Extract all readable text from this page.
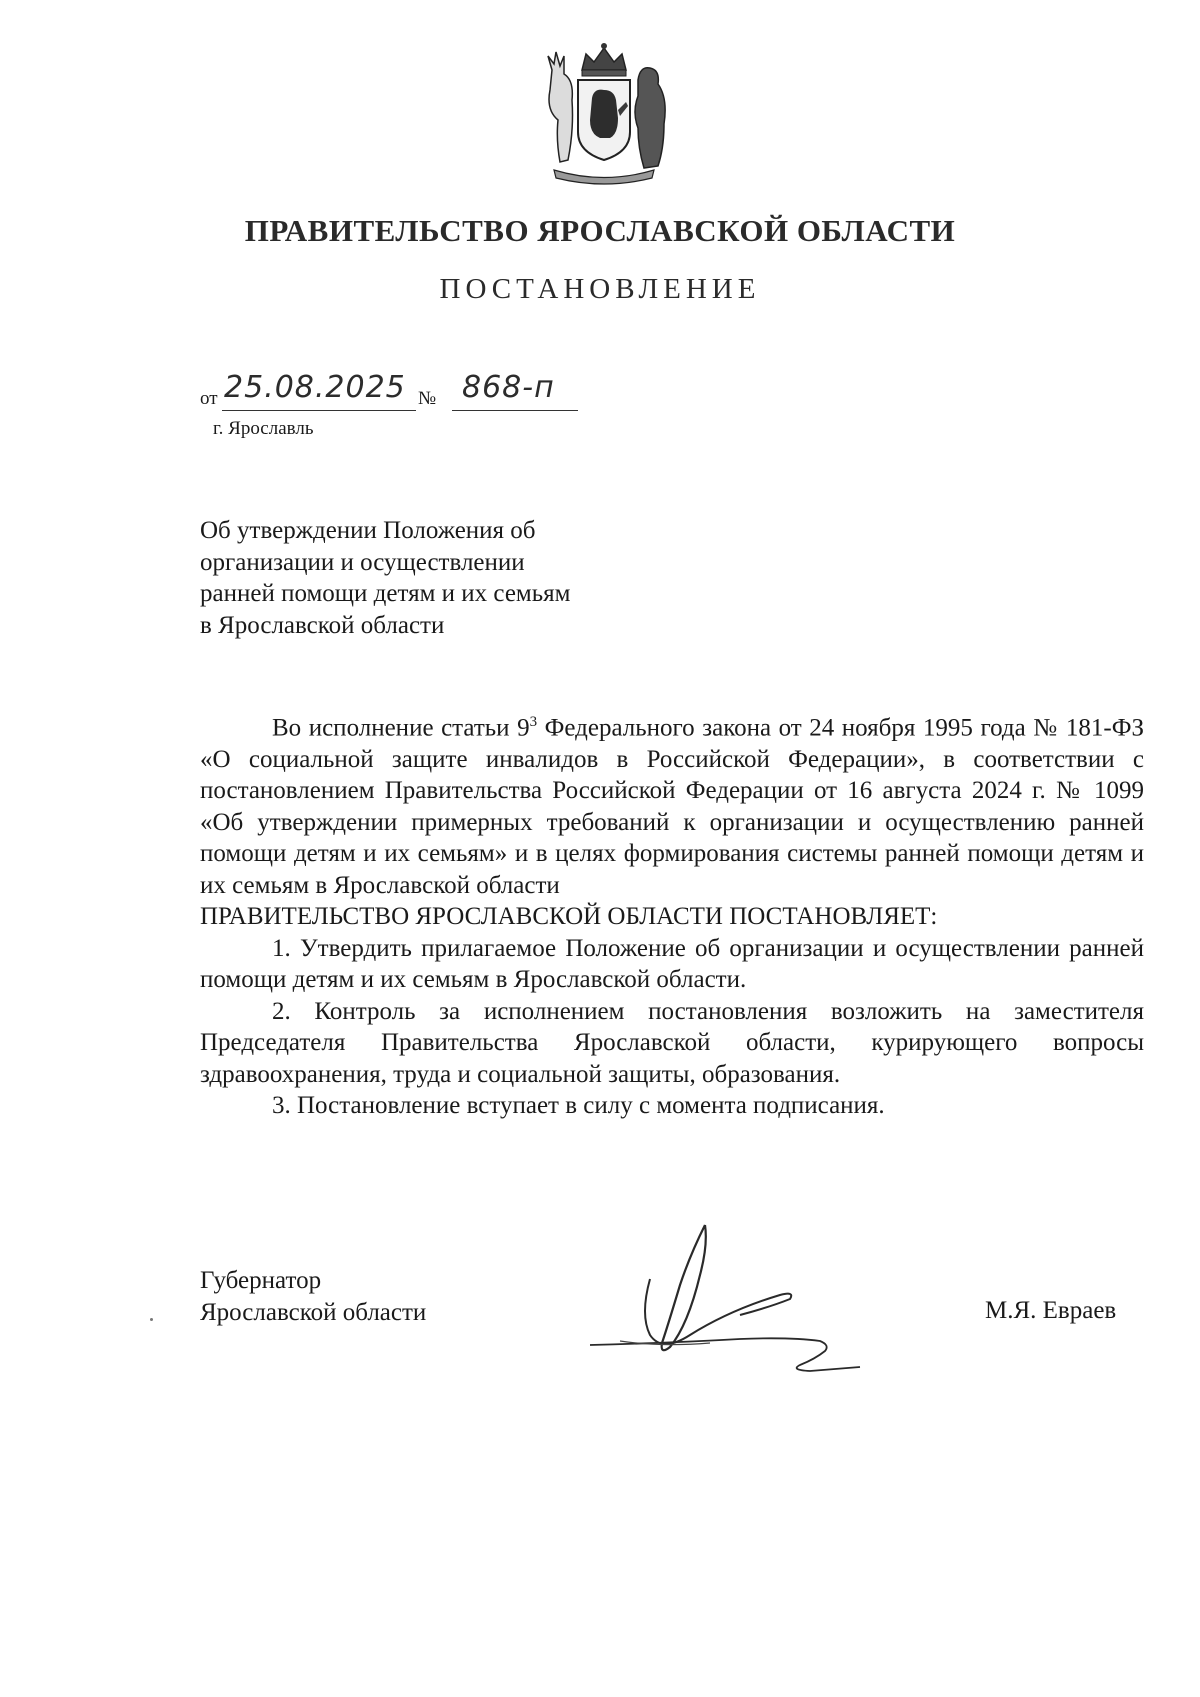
ПРАВИТЕЛЬСТВО ЯРОСЛАВСКОЙ ОБЛАСТИ
ПОСТАНОВЛЕНИЕ
от 25.08.2025 № 868-п
г. Ярославль
Об утверждении Положения об
организации и осуществлении
ранней помощи детям и их семьям
в Ярославской области

Во исполнение статьи $9^3$ Федерального закона от 24 ноября 1995 года № 181-ФЗ «О социальной защите инвалидов в Российской Федерации», в соответствии с постановлением Правительства Российской Федерации от 16 августа 2024 г. № 1099 «Об утверждении примерных требований к организации и осуществлению ранней помощи детям и их семьям» и в целях формирования системы ранней помощи детям и их семьям в Ярославской области

ПРАВИТЕЛЬСТВО ЯРОСЛАВСКОЙ ОБЛАСТИ ПОСТАНОВЛЯЕТ:

1. Утвердить прилагаемое Положение об организации и осуществлении ранней помощи детям и их семьям в Ярославской области.

2. Контроль за исполнением постановления возложить на заместителя Председателя Правительства Ярославской области, курирующего вопросы здравоохранения, труда и социальной защиты, образования.

3. Постановление вступает в силу с момента подписания.

Губернатор
Ярославской области	М.Я. Евраев
